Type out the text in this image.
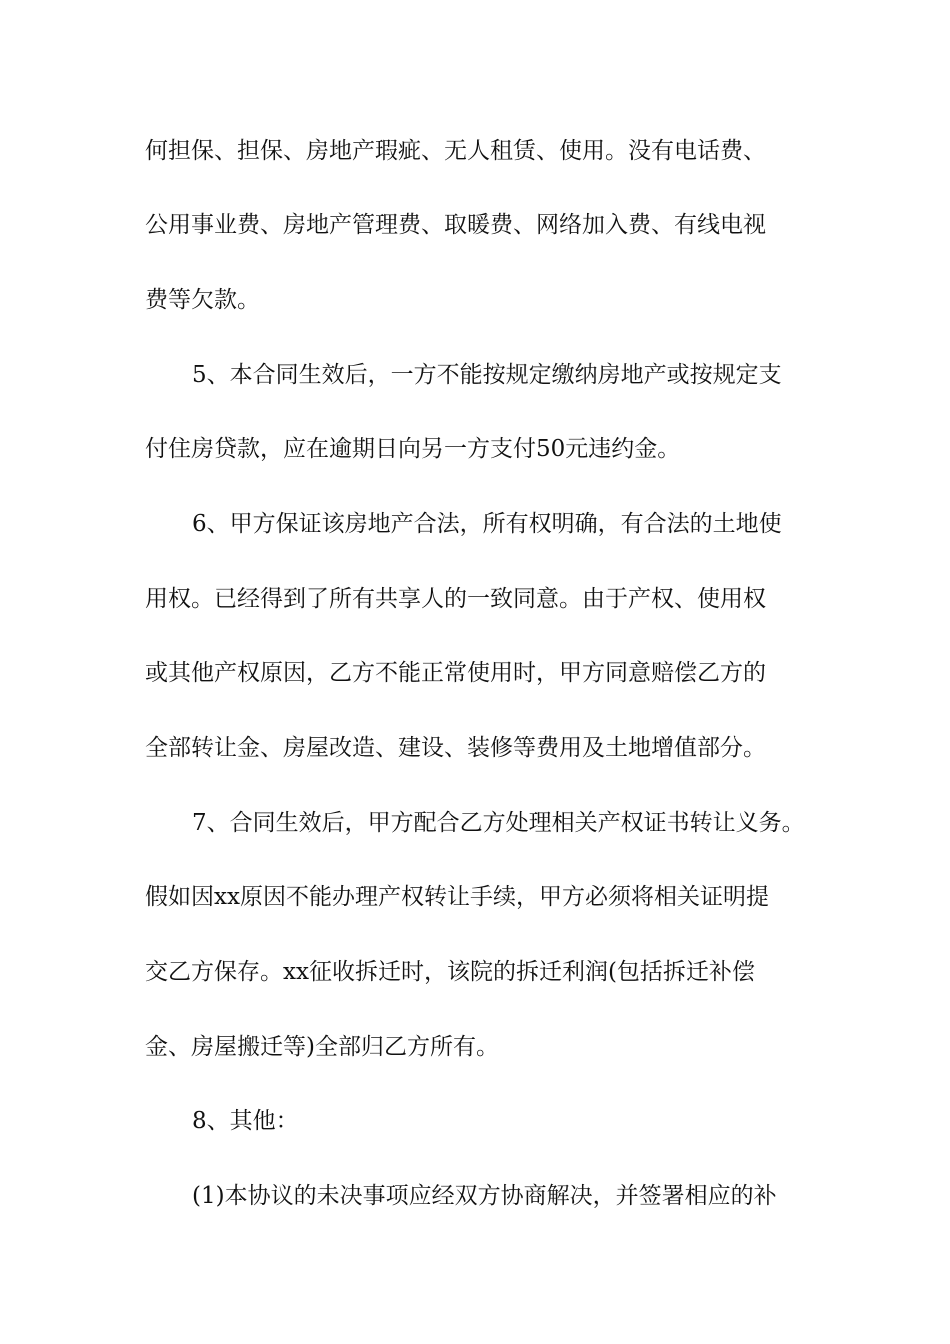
何担保、担保、房地产瑕疵、无人租赁、使用。没有电话费、

公用事业费、房地产管理费、取暖费、网络加入费、有线电视

费等欠款。

5、本合同生效后，一方不能按规定缴纳房地产或按规定支

付住房贷款，应在逾期日向另一方支付50元违约金。

6、甲方保证该房地产合法，所有权明确，有合法的土地使

用权。已经得到了所有共享人的一致同意。由于产权、使用权

或其他产权原因，乙方不能正常使用时，甲方同意赔偿乙方的

全部转让金、房屋改造、建设、装修等费用及土地增值部分。

7、合同生效后，甲方配合乙方处理相关产权证书转让义务。

假如因xx原因不能办理产权转让手续，甲方必须将相关证明提

交乙方保存。xx征收拆迁时，该院的拆迁利润(包括拆迁补偿

金、房屋搬迁等)全部归乙方所有。

8、其他：

(1)本协议的未决事项应经双方协商解决，并签署相应的补
